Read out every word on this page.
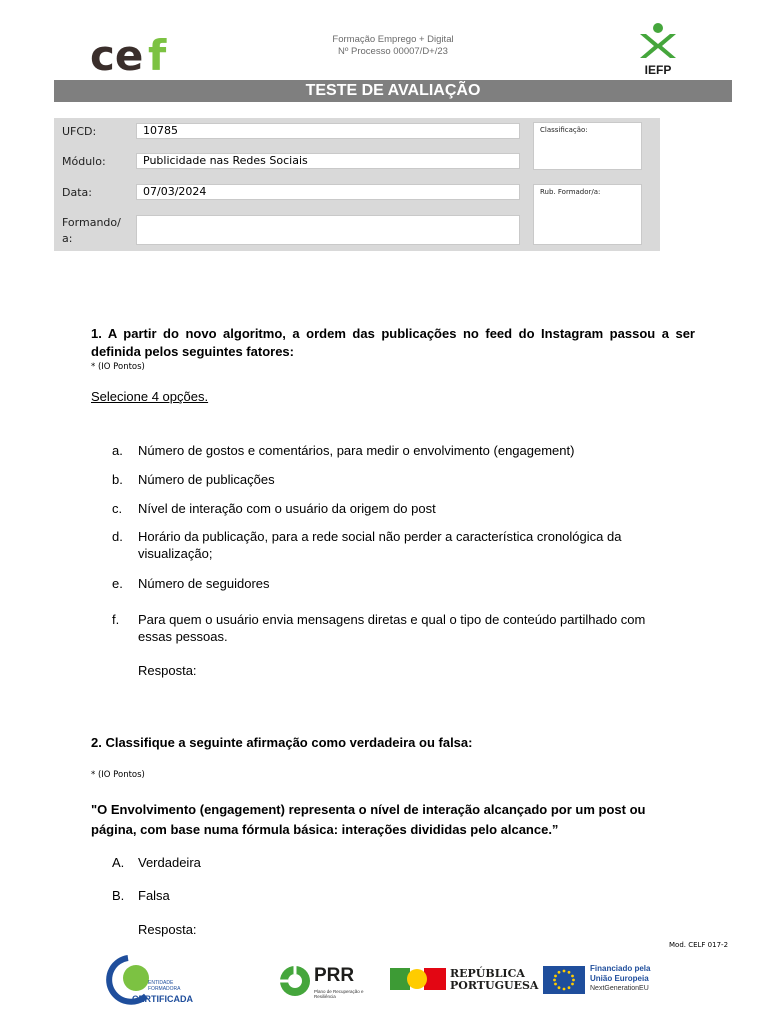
ce f	Formação Emprego + Digital
Nº Processo 00007/D+/23
IEFP
TESTE DE AVALIAÇÃO
UFCD:	10785
Módulo:	Publicidade nas Redes Sociais
Data:	07/03/2024
Formando/
a:
Classificação:
Rub. Formador/a:
1. A partir do novo algoritmo, a ordem das publicações no feed do Instagram passou a ser
definida pelos seguintes fatores:
* (IO Pontos)
Selecione 4 opções.
a.	Número de gostos e comentários, para medir o envolvimento (engagement)
b.	Número de publicações
c.	Nível de interação com o usuário da origem do post
d.	Horário da publicação, para a rede social não perder a característica cronológica da visualização;
e.	Número de seguidores
f.	Para quem o usuário envia mensagens diretas e qual o tipo de conteúdo partilhado com essas pessoas.
Resposta:
2. Classifique a seguinte afirmação como verdadeira ou falsa:
* (IO Pontos)
"O Envolvimento (engagement) representa o nível de interação alcançado por um post ou página, com base numa fórmula básica: interações divididas pelo alcance.”
A.	Verdadeira
B.	Falsa
Resposta:
Mod. CELF 017-2
ENTIDADE FORMADORA
CERTIFICADA
PRR
Plano de Recuperação e Resiliência
REPÚBLICA
PORTUGUESA
Financiado pela
União Europeia
NextGenerationEU
